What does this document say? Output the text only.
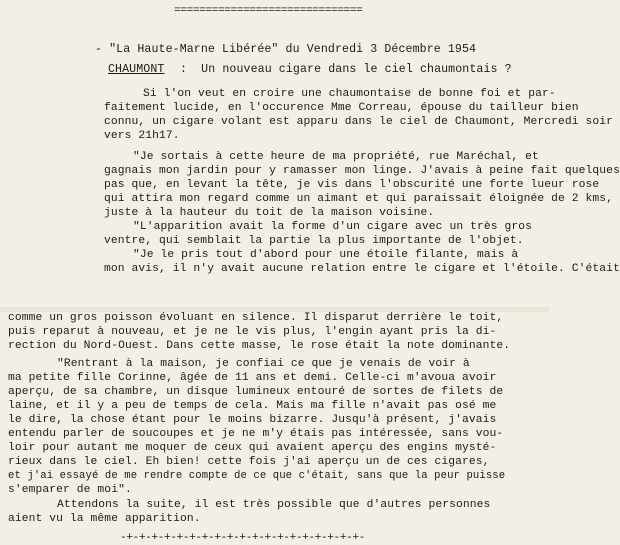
==============================
- "La Haute-Marne Libérée" du Vendredi 3 Décembre 1954
CHAUMONT :  Un nouveau cigare dans le ciel chaumontais ?
Si l'on veut en croire une chaumontaise de bonne foi et par-
faitement lucide, en l'occurence Mme Correau, épouse du tailleur bien
connu, un cigare volant est apparu dans le ciel de Chaumont, Mercredi soir
vers 21h17.
"Je sortais à cette heure de ma propriété, rue Maréchal, et
gagnais mon jardin pour y ramasser mon linge. J'avais à peine fait quelques
pas que, en levant la tête, je vis dans l'obscurité une forte lueur rose
qui attira mon regard comme un aimant et qui paraissait éloignée de 2 kms,
juste à la hauteur du toit de la maison voisine.
"L'apparition avait la forme d'un cigare avec un très gros
ventre, qui semblait la partie la plus importante de l'objet.
"Je le pris tout d'abord pour une étoile filante, mais à
mon avis, il n'y avait aucune relation entre le cigare et l'étoile. C'était
comme un gros poisson évoluant en silence. Il disparut derrière le toit,
puis reparut à nouveau, et je ne le vis plus, l'engin ayant pris la di-
rection du Nord-Ouest. Dans cette masse, le rose était la note dominante.
"Rentrant à la maison, je confiai ce que je venais de voir à
ma petite fille Corinne, âgée de 11 ans et demi. Celle-ci m'avoua avoir
aperçu, de sa chambre, un disque lumineux entouré de sortes de filets de
laine, et il y a peu de temps de cela. Mais ma fille n'avait pas osé me
le dire, la chose étant pour le moins bizarre. Jusqu'à présent, j'avais
entendu parler de soucoupes et je ne m'y étais pas intéressée, sans vou-
loir pour autant me moquer de ceux qui avaient aperçu des engins mysté-
rieux dans le ciel. Eh bien! cette fois j'ai aperçu un de ces cigares,
et j'ai essayé de me rendre compte de ce que c'était, sans que la peur puisse
s'emparer de moi".
Attendons la suite, il est très possible que d'autres personnes
aient vu la même apparition.
-+-+-+-+-+-+-+-+-+-+-+-+-+-+-+-+-+-+-+-
